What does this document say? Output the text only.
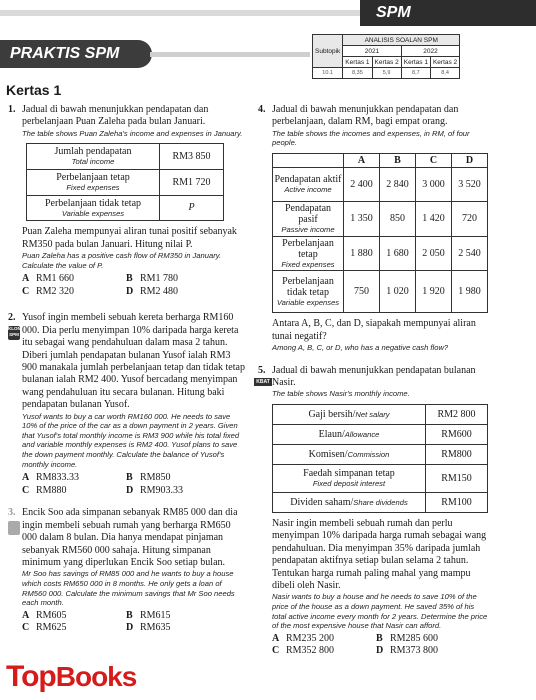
SPM
PRAKTIS SPM	Subtopik	ANALISIS SOALAN SPM			
	2021		2022	
	Kertas 1	Kertas 2	Kertas 1	Kertas 2
10.1	8,35	5,9	8,7	8,4
Kertas 1
1. Jadual di bawah menunjukkan pendapatan dan perbelanjaan Puan Zaleha pada bulan Januari.

The table shows Puan Zaleha's income and expenses in January.

Jumlah pendapatan
Total income	RM3 850

Perbelanjaan tetap
Fixed expenses	RM1 720

Perbelanjaan tidak tetap
Variable expenses	P

Puan Zaleha mempunyai aliran tunai positif sebanyak RM350 pada bulan Januari. Hitung nilai P.

Puan Zaleha has a positive cash flow of RM350 in January. Calculate the value of P.

A RM1 660	B RM1 780
C RM2 320	D RM2 480
2.
KLON SPM

Yusof ingin membeli sebuah kereta berharga RM160 000. Dia perlu menyimpan 10% daripada harga kereta itu sebagai wang pendahuluan dalam masa 2 tahun. Diberi jumlah pendapatan bulanan Yusof ialah RM3 900 manakala jumlah perbelanjaan tetap dan tidak tetap bulanan ialah RM2 400. Yusof bercadang menyimpan wang pendahuluan itu secara bulanan. Hitung baki pendapatan bulanan Yusof.

Yusof wants to buy a car worth RM160 000. He needs to save 10% of the price of the car as a down payment in 2 years. Given that Yusof's total monthly income is RM3 900 while his total fixed and variable monthly expenses is RM2 400. Yusof plans to save the down payment monthly. Calculate the balance of Yusof's monthly income.

A RM833.33	B RM850
C RM880	D RM903.33
3. Encik Soo ada simpanan sebanyak RM85 000 dan dia ingin membeli sebuah rumah yang berharga RM650 000 dalam 8 bulan. Dia hanya mendapat pinjaman sebanyak RM560 000 sahaja. Hitung simpanan minimum yang diperlukan Encik Soo setiap bulan.

Mr Soo has savings of RM85 000 and he wants to buy a house which costs RM650 000 in 8 months. He only gets a loan of RM560 000. Calculate the minimum savings that Mr Soo needs each month.

A RM605	B RM615
C RM625	D RM635
4. Jadual di bawah menunjukkan pendapatan dan perbelanjaan, dalam RM, bagi empat orang.

The table shows the incomes and expenses, in RM, of four people.

	A	B	C	D

Pendapatan aktif
Active income	2 400	2 840	3 000	3 520

Pendapatan pasif
Passive income	1 350	850	1 420	720

Perbelanjaan tetap
Fixed expenses	1 880	1 680	2 050	2 540

Perbelanjaan tidak tetap
Variable expenses	750	1 020	1 920	1 980

Antara A, B, C, dan D, siapakah mempunyai aliran tunai negatif?

Among A, B, C, or D, who has a negative cash flow?

5.
KBAT

Jadual di bawah menunjukkan pendapatan bulanan Nasir.

The table shows Nasir's monthly income.

Gaji bersih/Net salary	RM2 800
Elaun/Allowance	RM600
Komisen/Commission	RM800

Faedah simpanan tetap
Fixed deposit interest	RM150
Dividen saham/Share dividends	RM100

Nasir ingin membeli sebuah rumah dan perlu menyimpan 10% daripada harga rumah sebagai wang pendahuluan. Dia menyimpan 35% daripada jumlah pendapatan aktifnya setiap bulan selama 2 tahun. Tentukan harga rumah paling mahal yang mampu dibeli oleh Nasir.

Nasir wants to buy a house and he needs to save 10% of the price of the house as a down payment. He saved 35% of his total active income every month for 2 years. Determine the price of the most expensive house that Nasir can afford.

A RM235 200	B RM285 600
C RM352 800	D RM373 800
TopBooks
